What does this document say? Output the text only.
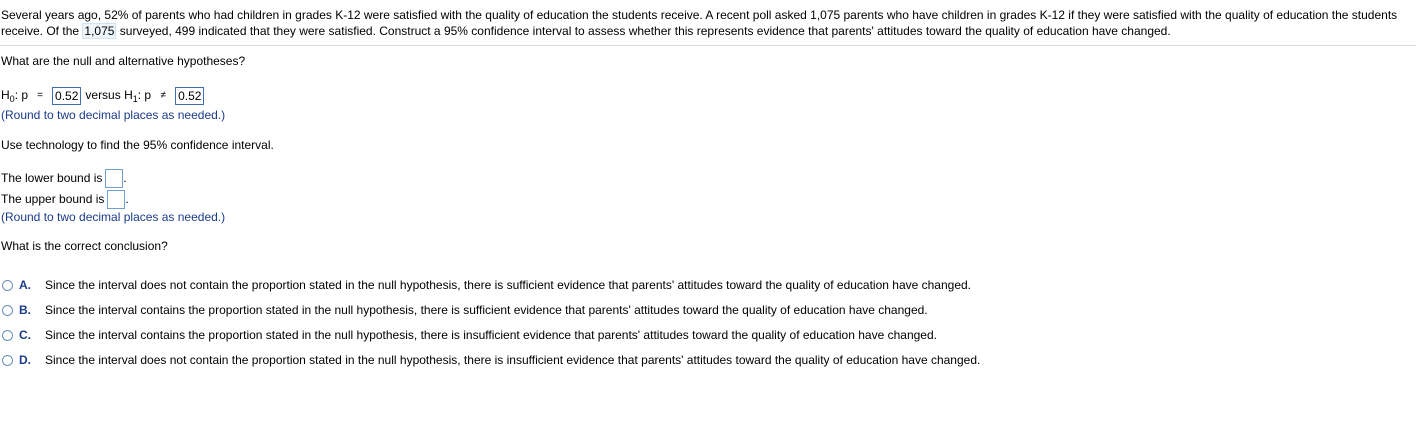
Several years ago, 52% of parents who had children in grades K-12 were satisfied with the quality of education the students receive. A recent poll asked 1,075 parents who have children in grades K-12 if they were satisfied with the quality of education the students receive. Of the 1,075 surveyed, 499 indicated that they were satisfied. Construct a 95% confidence interval to assess whether this represents evidence that parents' attitudes toward the quality of education have changed.
What are the null and alternative hypotheses?
$H_0$: p =	0.52 versus $H_1$: p ≠	0.52
(Round to two decimal places as needed.)
Use technology to find the 95% confidence interval.
The lower bound is .
The upper bound is .
(Round to two decimal places as needed.)
What is the correct conclusion?
A.	Since the interval does not contain the proportion stated in the null hypothesis, there is sufficient evidence that parents' attitudes toward the quality of education have changed.
B.	Since the interval contains the proportion stated in the null hypothesis, there is sufficient evidence that parents' attitudes toward the quality of education have changed.
C.	Since the interval contains the proportion stated in the null hypothesis, there is insufficient evidence that parents' attitudes toward the quality of education have changed.
D.	Since the interval does not contain the proportion stated in the null hypothesis, there is insufficient evidence that parents' attitudes toward the quality of education have changed.
